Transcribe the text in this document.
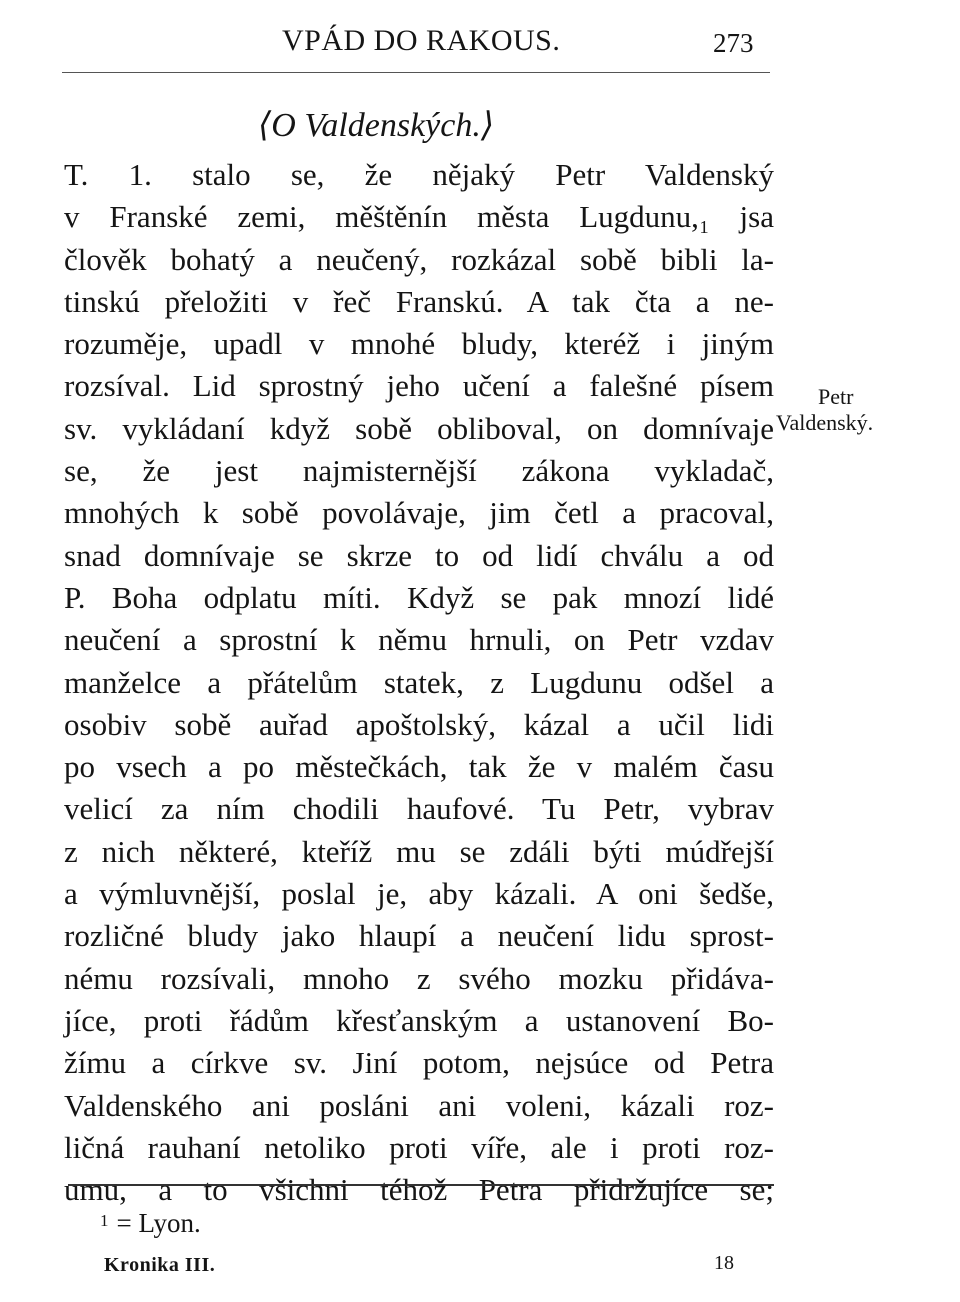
VPÁD DO RAKOUS.	273
⟨O Valdenských.⟩
T. 1. stalo se, že nějaký Petr Valdenský
v Franské zemi, měštěnín města Lugdunu,₁ jsa
člověk bohatý a neučený, rozkázal sobě bibli la-
tinskú přeložiti v řeč Franskú. A tak čta a ne-
rozuměje, upadl v mnohé bludy, kteréž i jiným
rozsíval. Lid sprostný jeho učení a falešné písem
sv. vykládaní když sobě obliboval, on domnívaje
se, že jest najmisternější zákona vykladač,
mnohých k sobě povolávaje, jim četl a pracoval,
snad domnívaje se skrze to od lidí chválu a od
P. Boha odplatu míti. Když se pak mnozí lidé
neučení a sprostní k němu hrnuli, on Petr vzdav
manželce a přátelům statek, z Lugdunu odšel a
osobiv sobě auřad apoštolský, kázal a učil lidi
po vsech a po městečkách, tak že v malém času
velicí za ním chodili haufové. Tu Petr, vybrav
z nich některé, kteříž mu se zdáli býti múdřejší
a výmluvnější, poslal je, aby kázali. A oni šedše,
rozličné bludy jako hlaupí a neučení lidu sprost-
nému rozsívali, mnoho z svého mozku přidáva-
jíce, proti řádům křesťanským a ustanovení Bo-
žímu a církve sv. Jiní potom, nejsúce od Petra
Valdenského ani posláni ani voleni, kázali roz-
ličná rauhaní netoliko proti víře, ale i proti roz-
umu, a to všichni téhož Petra přidržujíce se;
Petr
Valdenský.
$^1$ = Lyon.
Kronika III.	18
